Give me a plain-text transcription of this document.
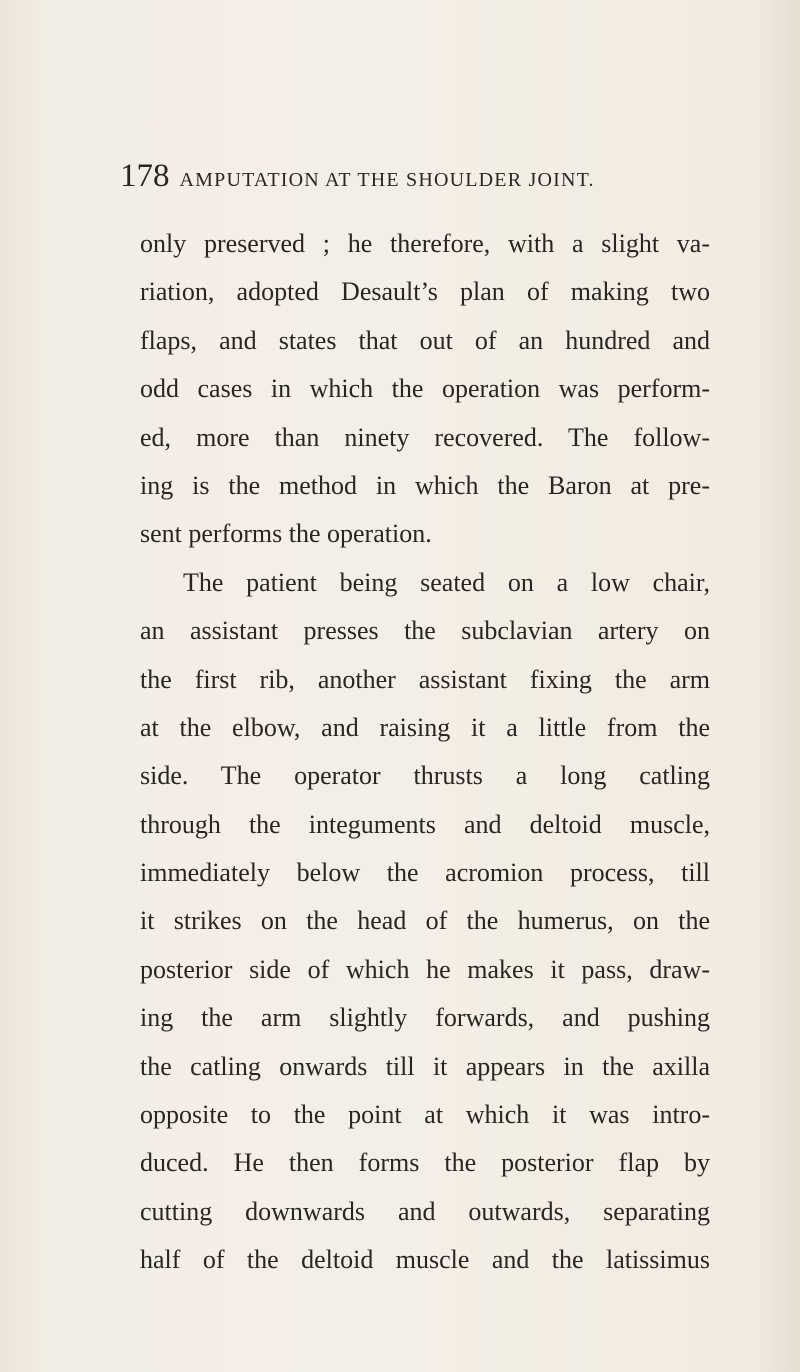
178 AMPUTATION AT THE SHOULDER JOINT.
only preserved ; he therefore, with a slight va-
riation, adopted Desault’s plan of making two
flaps, and states that out of an hundred and
odd cases in which the operation was perform-
ed, more than ninety recovered. The follow-
ing is the method in which the Baron at pre-
sent performs the operation.
The patient being seated on a low chair,
an assistant presses the subclavian artery on
the first rib, another assistant fixing the arm
at the elbow, and raising it a little from the
side. The operator thrusts a long catling
through the integuments and deltoid muscle,
immediately below the acromion process, till
it strikes on the head of the humerus, on the
posterior side of which he makes it pass, draw-
ing the arm slightly forwards, and pushing
the catling onwards till it appears in the axilla
opposite to the point at which it was intro-
duced. He then forms the posterior flap by
cutting downwards and outwards, separating
half of the deltoid muscle and the latissimus
